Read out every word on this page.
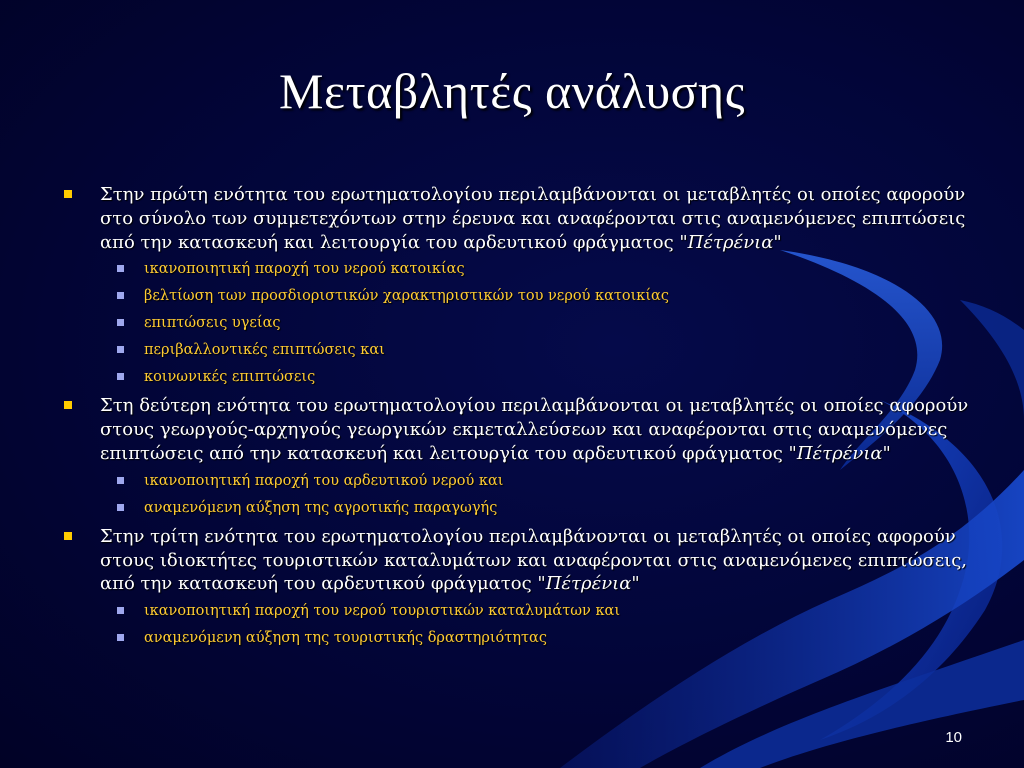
Μεταβλητές ανάλυσης
Στην πρώτη ενότητα του ερωτηματολογίου περιλαμβάνονται οι μεταβλητές οι οποίες αφορούν στο σύνολο των συμμετεχόντων στην έρευνα και αναφέρονται στις αναμενόμενες επιπτώσεις από την κατασκευή και λειτουργία του αρδευτικού φράγματος "Πέτρένια"
ικανοποιητική παροχή του νερού κατοικίας
βελτίωση των προσδιοριστικών χαρακτηριστικών του νερού κατοικίας
επιπτώσεις υγείας
περιβαλλοντικές επιπτώσεις και
κοινωνικές επιπτώσεις
Στη δεύτερη ενότητα του ερωτηματολογίου περιλαμβάνονται οι μεταβλητές οι οποίες αφορούν στους γεωργούς-αρχηγούς γεωργικών εκμεταλλεύσεων και αναφέρονται στις αναμενόμενες επιπτώσεις από την κατασκευή και λειτουργία του αρδευτικού φράγματος "Πέτρένια"
ικανοποιητική παροχή του αρδευτικού νερού και
αναμενόμενη αύξηση της αγροτικής παραγωγής
Στην τρίτη ενότητα του ερωτηματολογίου περιλαμβάνονται οι μεταβλητές οι οποίες αφορούν στους ιδιοκτήτες τουριστικών καταλυμάτων και αναφέρονται στις αναμενόμενες επιπτώσεις, από την κατασκευή του αρδευτικού φράγματος "Πέτρένια"
ικανοποιητική παροχή του νερού τουριστικών καταλυμάτων και
αναμενόμενη αύξηση της τουριστικής δραστηριότητας
10
